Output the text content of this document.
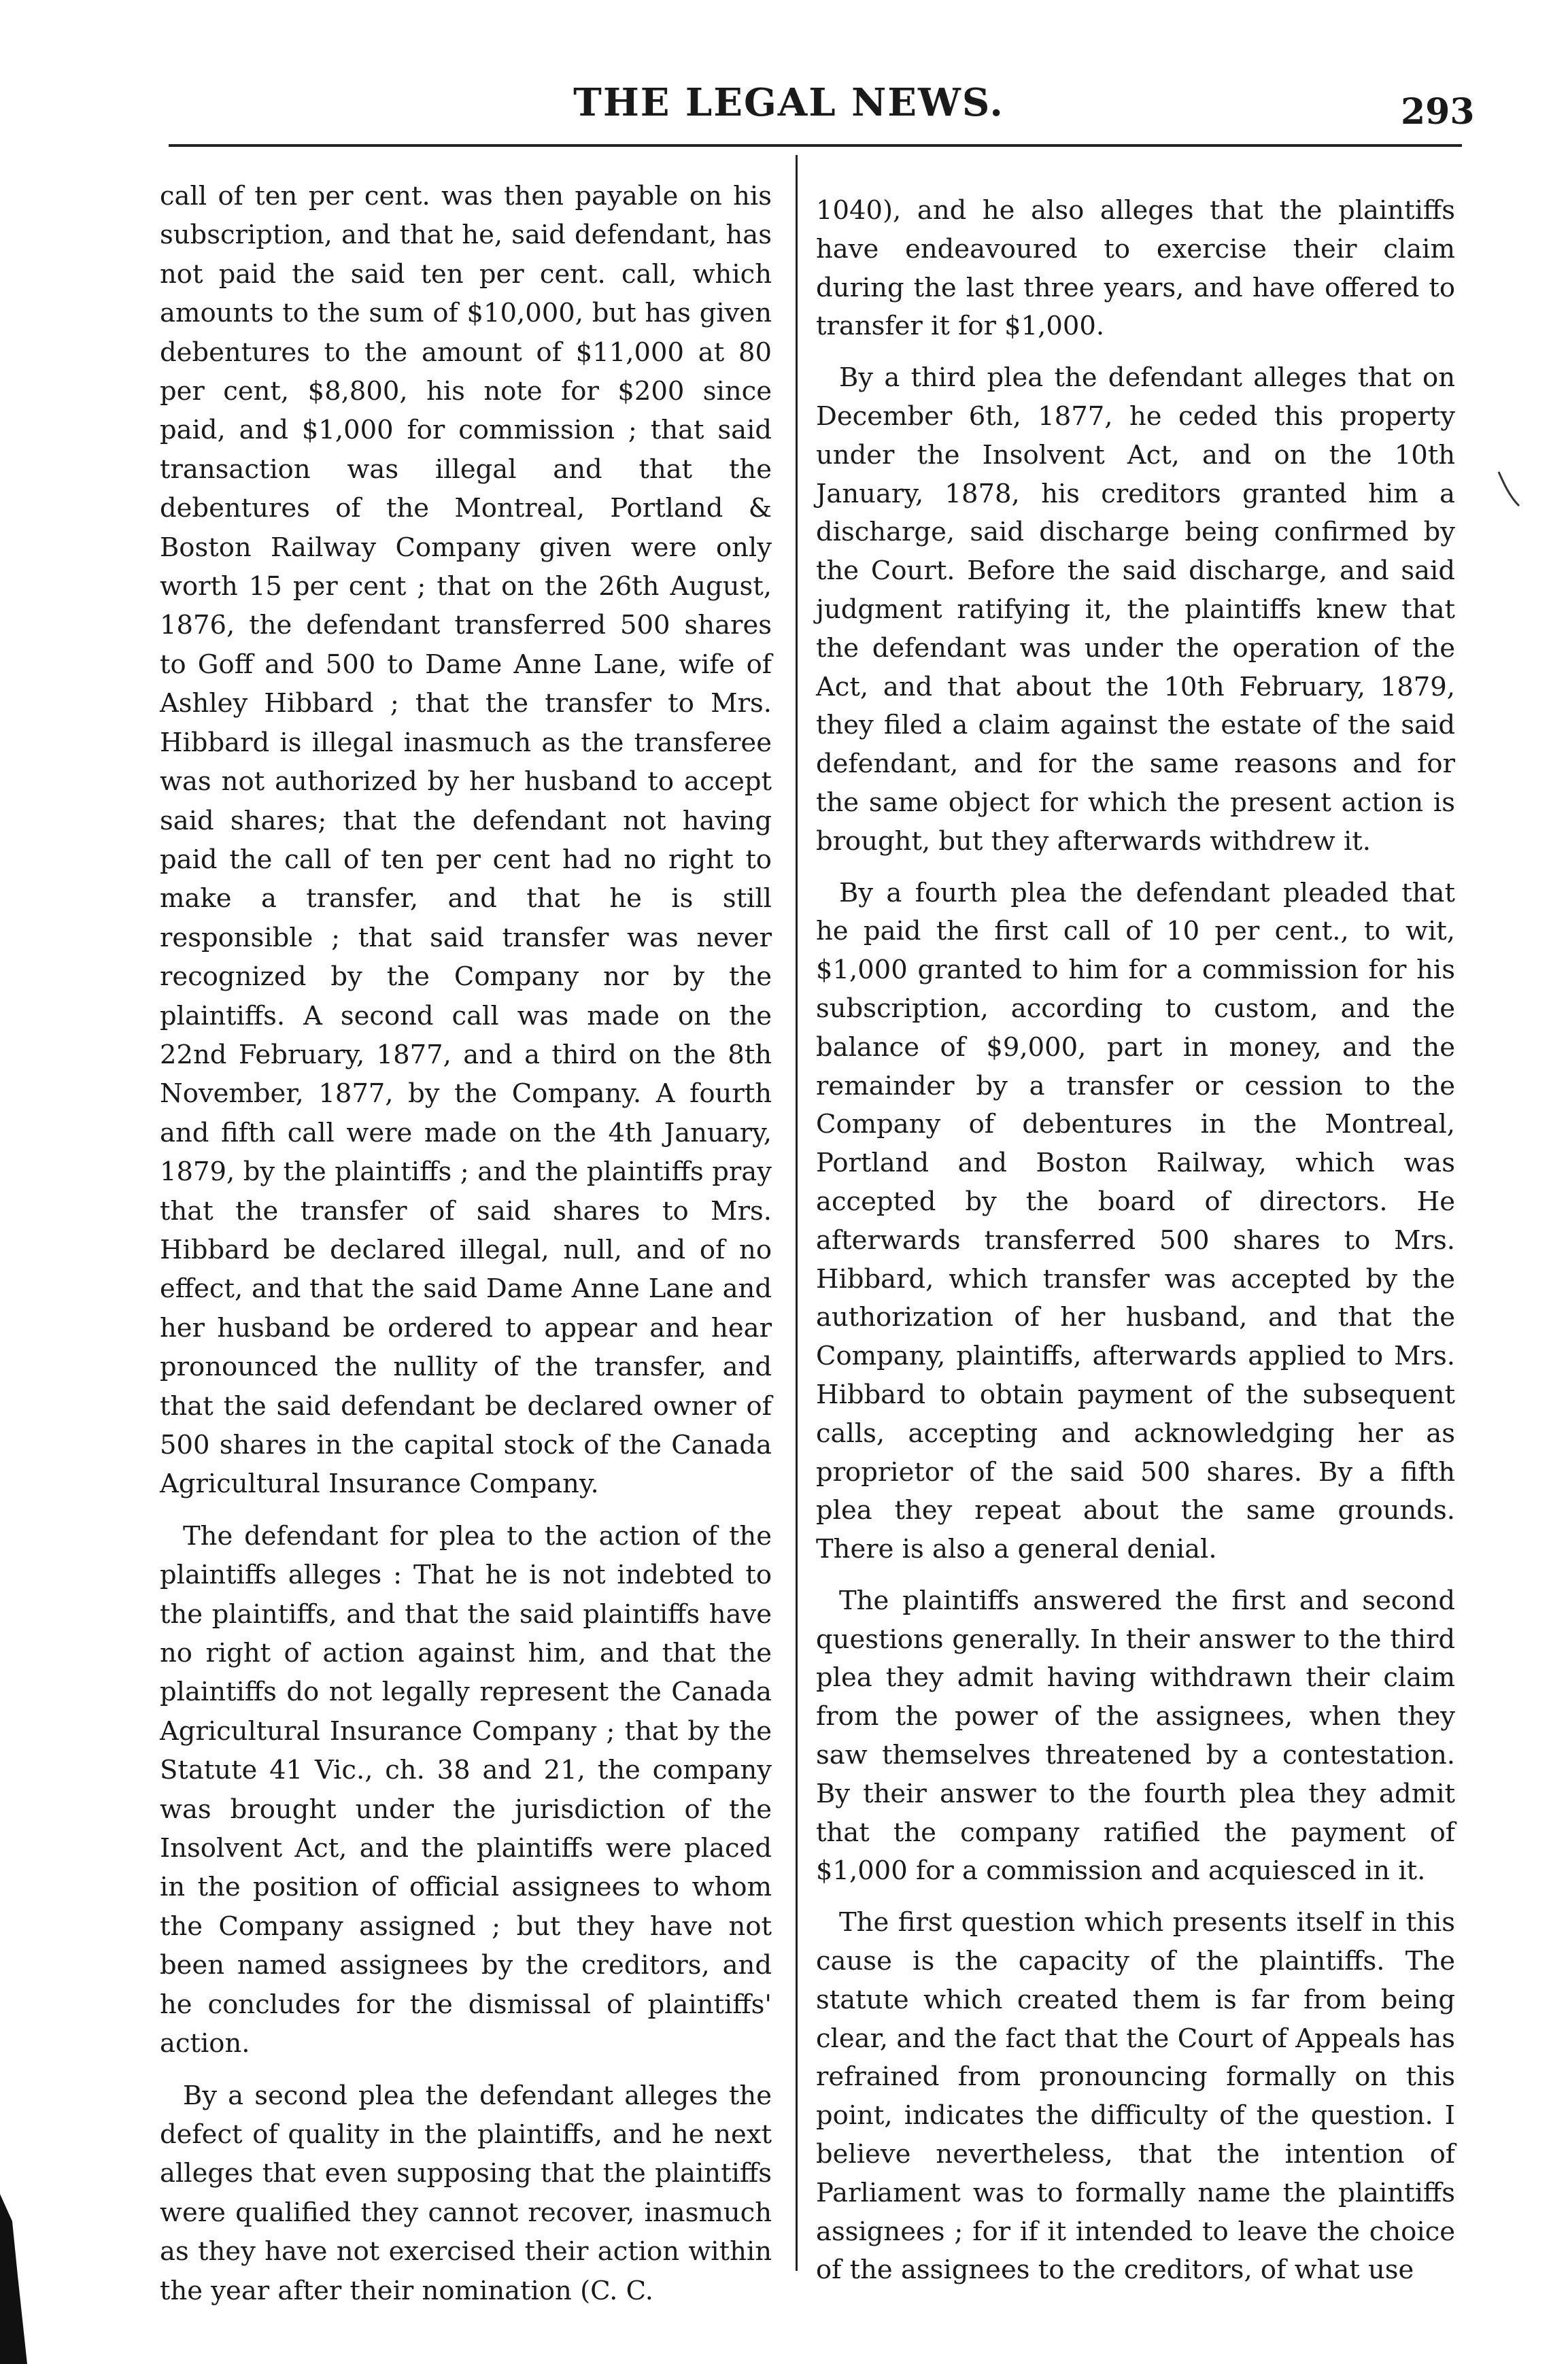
THE LEGAL NEWS.	293

call of ten per cent. was then payable on his subscription, and that he, said defendant, has not paid the said ten per cent. call, which amounts to the sum of $10,000, but has given debentures to the amount of $11,000 at 80 per cent, $8,800, his note for $200 since paid, and $1,000 for commission ; that said transaction was illegal and that the debentures of the Montreal, Portland & Boston Railway Company given were only worth 15 per cent ; that on the 26th August, 1876, the defendant transferred 500 shares to Goff and 500 to Dame Anne Lane, wife of Ashley Hibbard ; that the transfer to Mrs. Hibbard is illegal inasmuch as the transferee was not authorized by her husband to accept said shares; that the defendant not having paid the call of ten per cent had no right to make a transfer, and that he is still responsible ; that said transfer was never recognized by the Company nor by the plaintiffs. A second call was made on the 22nd February, 1877, and a third on the 8th November, 1877, by the Company. A fourth and fifth call were made on the 4th January, 1879, by the plaintiffs ; and the plaintiffs pray that the transfer of said shares to Mrs. Hibbard be declared illegal, null, and of no effect, and that the said Dame Anne Lane and her husband be ordered to appear and hear pronounced the nullity of the transfer, and that the said defendant be declared owner of 500 shares in the capital stock of the Canada Agricultural Insurance Company.

The defendant for plea to the action of the plaintiffs alleges : That he is not indebted to the plaintiffs, and that the said plaintiffs have no right of action against him, and that the plaintiffs do not legally represent the Canada Agricultural Insurance Company ; that by the Statute 41 Vic., ch. 38 and 21, the company was brought under the jurisdiction of the Insolvent Act, and the plaintiffs were placed in the position of official assignees to whom the Company assigned ; but they have not been named assignees by the creditors, and he concludes for the dismissal of plaintiffs' action.

By a second plea the defendant alleges the defect of quality in the plaintiffs, and he next alleges that even supposing that the plaintiffs were qualified they cannot recover, inasmuch as they have not exercised their action within the year after their nomination (C. C.

1040), and he also alleges that the plaintiffs have endeavoured to exercise their claim during the last three years, and have offered to transfer it for $1,000.

By a third plea the defendant alleges that on December 6th, 1877, he ceded this property under the Insolvent Act, and on the 10th January, 1878, his creditors granted him a discharge, said discharge being confirmed by the Court. Before the said discharge, and said judgment ratifying it, the plaintiffs knew that the defendant was under the operation of the Act, and that about the 10th February, 1879, they filed a claim against the estate of the said defendant, and for the same reasons and for the same object for which the present action is brought, but they afterwards withdrew it.

By a fourth plea the defendant pleaded that he paid the first call of 10 per cent., to wit, $1,000 granted to him for a commission for his subscription, according to custom, and the balance of $9,000, part in money, and the remainder by a transfer or cession to the Company of debentures in the Montreal, Portland and Boston Railway, which was accepted by the board of directors. He afterwards transferred 500 shares to Mrs. Hibbard, which transfer was accepted by the authorization of her husband, and that the Company, plaintiffs, afterwards applied to Mrs. Hibbard to obtain payment of the subsequent calls, accepting and acknowledging her as proprietor of the said 500 shares. By a fifth plea they repeat about the same grounds. There is also a general denial.

The plaintiffs answered the first and second questions generally. In their answer to the third plea they admit having withdrawn their claim from the power of the assignees, when they saw themselves threatened by a contestation. By their answer to the fourth plea they admit that the company ratified the payment of $1,000 for a commission and acquiesced in it.

The first question which presents itself in this cause is the capacity of the plaintiffs. The statute which created them is far from being clear, and the fact that the Court of Appeals has refrained from pronouncing formally on this point, indicates the difficulty of the question. I believe nevertheless, that the intention of Parliament was to formally name the plaintiffs assignees ; for if it intended to leave the choice of the assignees to the creditors, of what use
